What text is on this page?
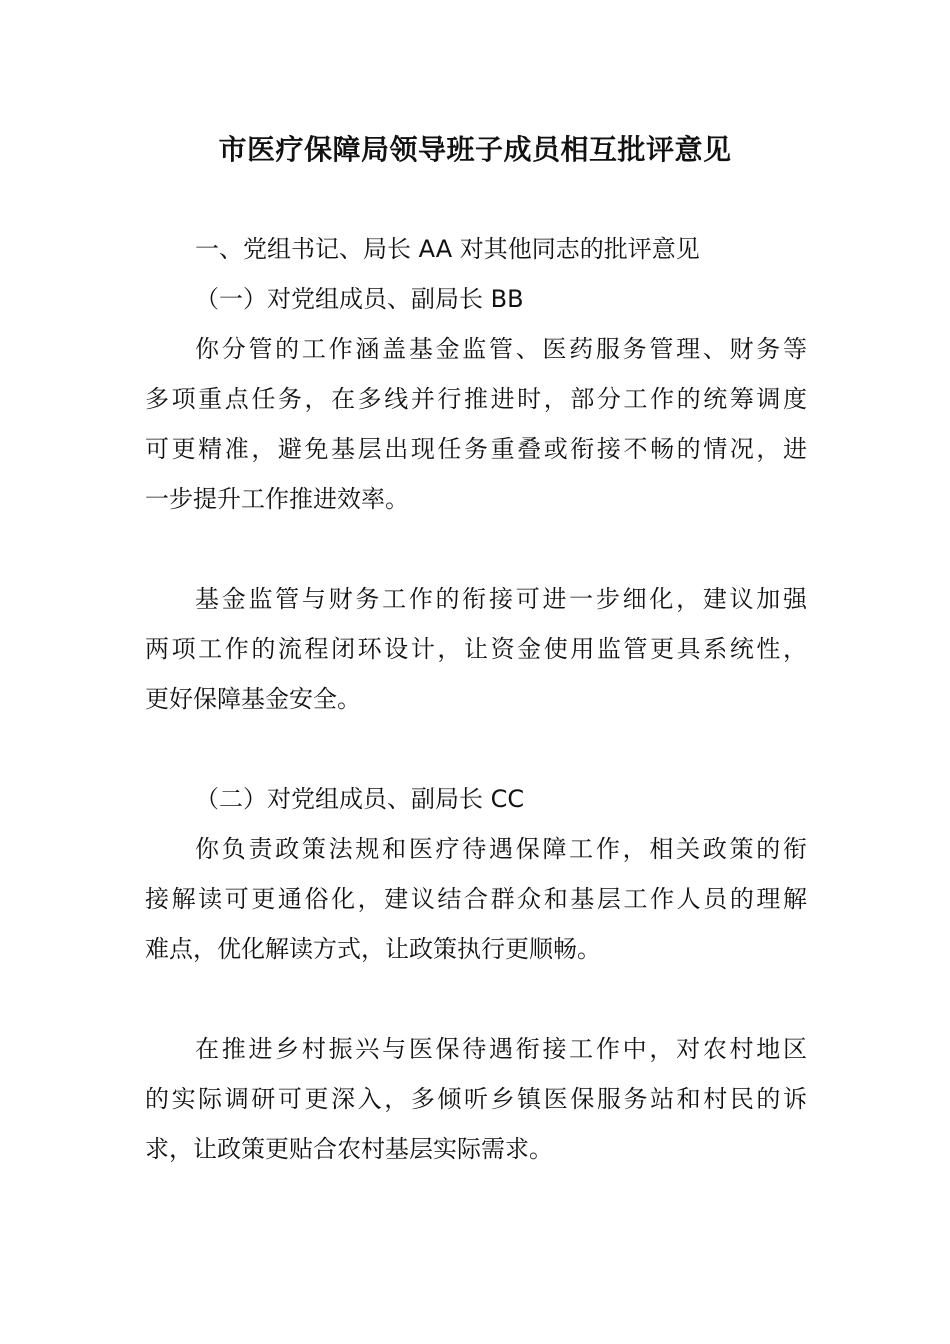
市医疗保障局领导班子成员相互批评意见
一、党组书记、局长 AA 对其他同志的批评意见
（一）对党组成员、副局长 BB
你分管的工作涵盖基金监管、医药服务管理、财务等
多项重点任务，在多线并行推进时，部分工作的统筹调度
可更精准，避免基层出现任务重叠或衔接不畅的情况，进
一步提升工作推进效率。
基金监管与财务工作的衔接可进一步细化，建议加强
两项工作的流程闭环设计，让资金使用监管更具系统性，
更好保障基金安全。
（二）对党组成员、副局长 CC
你负责政策法规和医疗待遇保障工作，相关政策的衔
接解读可更通俗化，建议结合群众和基层工作人员的理解
难点，优化解读方式，让政策执行更顺畅。
在推进乡村振兴与医保待遇衔接工作中，对农村地区
的实际调研可更深入，多倾听乡镇医保服务站和村民的诉
求，让政策更贴合农村基层实际需求。
